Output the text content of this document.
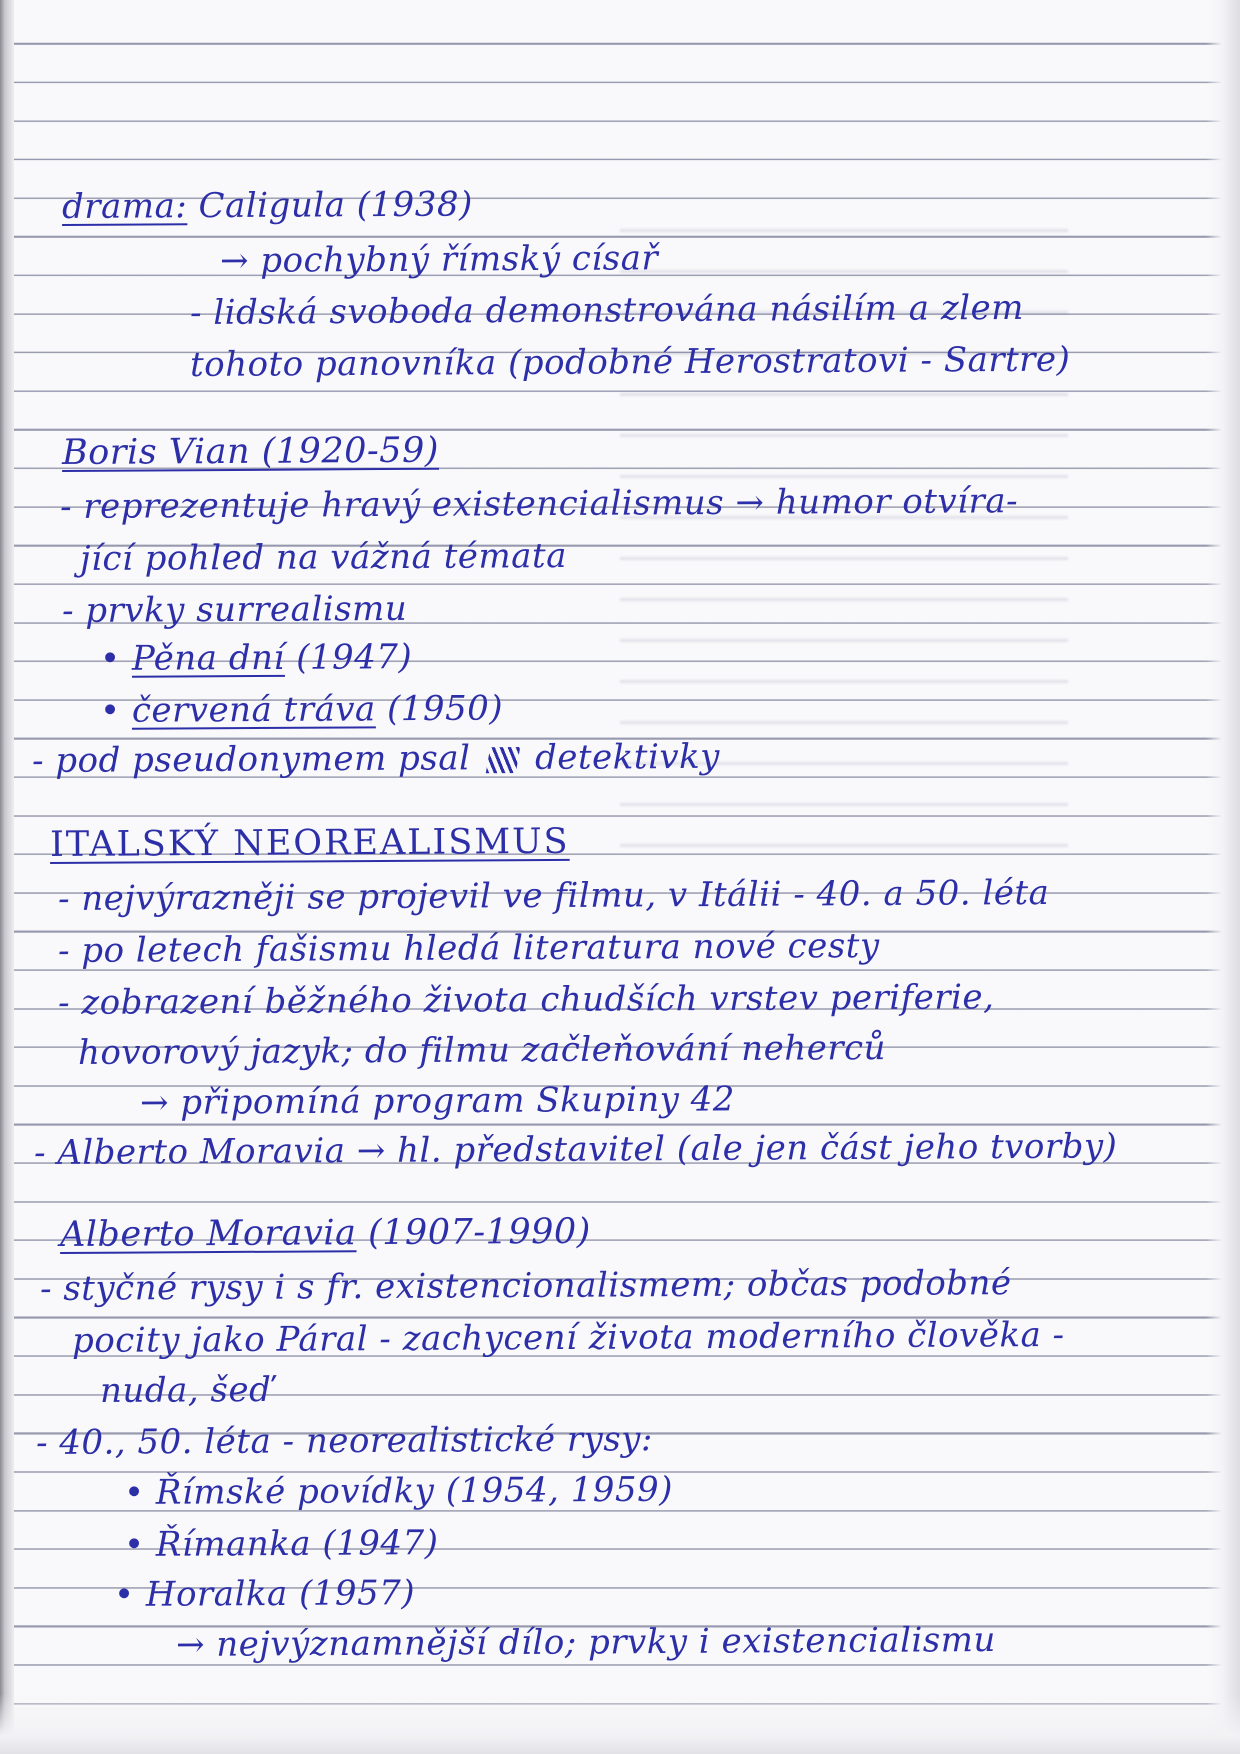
drama: Caligula (1938)
→ pochybný římský císař
- lidská svoboda demonstrována násilím a zlem
tohoto panovníka (podobné Herostratovi - Sartre)
Boris Vian (1920-59)
- reprezentuje hravý existencialismus → humor otvíra-
jící pohled na vážná témata
- prvky surrealismu
• Pěna dní (1947)
• červená tráva (1950)
- pod pseudonymem psal detektivky
ITALSKÝ NEOREALISMUS
- nejvýrazněji se projevil ve filmu, v Itálii - 40. a 50. léta
- po letech fašismu hledá literatura nové cesty
- zobrazení běžného života chudších vrstev periferie,
hovorový jazyk; do filmu začleňování neherců
→ připomíná program Skupiny 42
- Alberto Moravia → hl. představitel (ale jen část jeho tvorby)
Alberto Moravia (1907-1990)
- styčné rysy i s fr. existencionalismem; občas podobné
pocity jako Páral - zachycení života moderního člověka -
nuda, šeď
- 40., 50. léta - neorealistické rysy:
• Římské povídky (1954, 1959)
• Římanka (1947)
• Horalka (1957)
→ nejvýznamnější dílo; prvky i existencialismu
